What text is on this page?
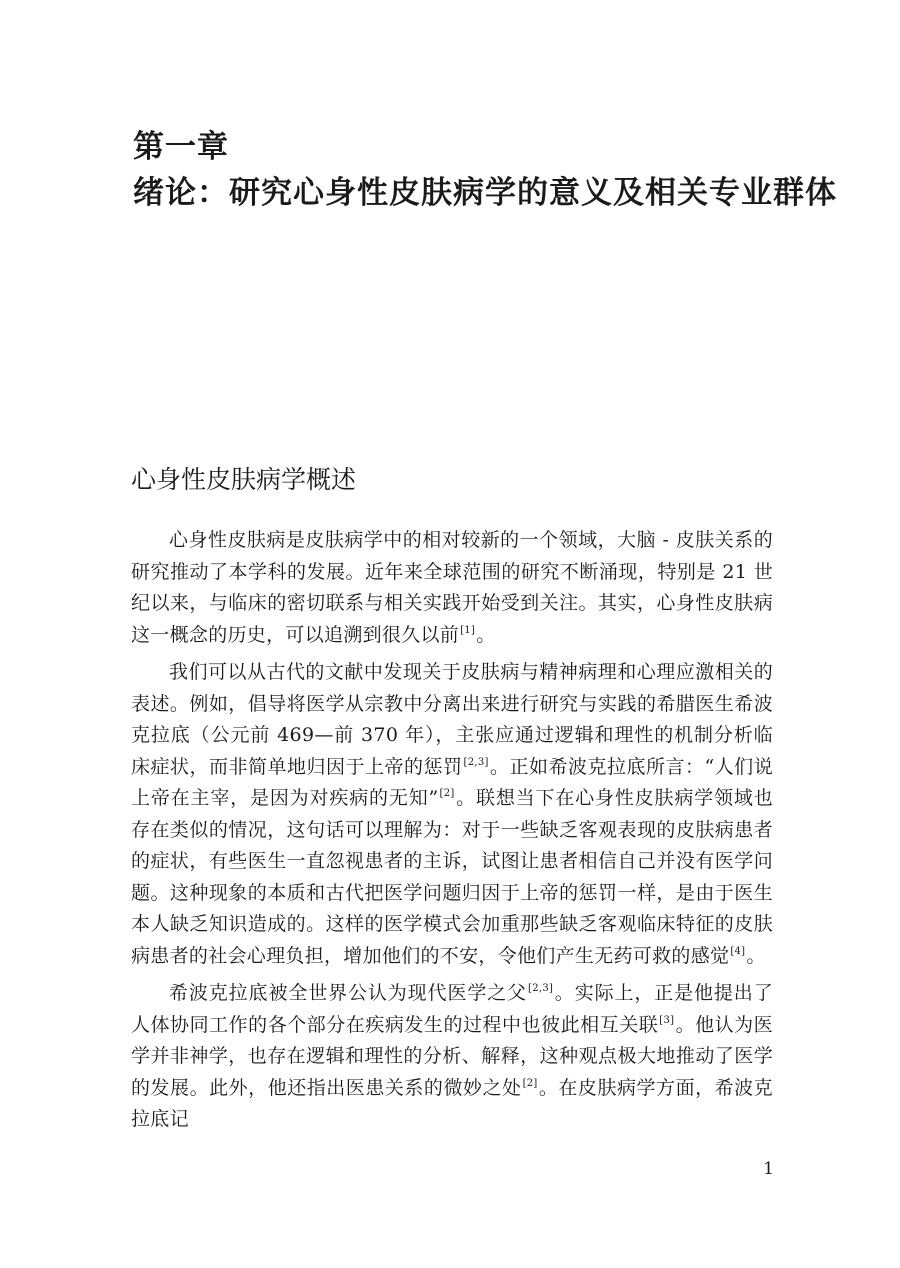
第一章
绪论：研究心身性皮肤病学的意义及相关专业群体
心身性皮肤病学概述

心身性皮肤病是皮肤病学中的相对较新的一个领域，大脑 - 皮肤关系的研究推动了本学科的发展。近年来全球范围的研究不断涌现，特别是 21 世纪以来，与临床的密切联系与相关实践开始受到关注。其实，心身性皮肤病这一概念的历史，可以追溯到很久以前[1]。

我们可以从古代的文献中发现关于皮肤病与精神病理和心理应激相关的表述。例如，倡导将医学从宗教中分离出来进行研究与实践的希腊医生希波克拉底（公元前 469—前 370 年），主张应通过逻辑和理性的机制分析临床症状，而非简单地归因于上帝的惩罚[2,3]。正如希波克拉底所言：“人们说上帝在主宰，是因为对疾病的无知”[2]。联想当下在心身性皮肤病学领域也存在类似的情况，这句话可以理解为：对于一些缺乏客观表现的皮肤病患者的症状，有些医生一直忽视患者的主诉，试图让患者相信自己并没有医学问题。这种现象的本质和古代把医学问题归因于上帝的惩罚一样，是由于医生本人缺乏知识造成的。这样的医学模式会加重那些缺乏客观临床特征的皮肤病患者的社会心理负担，增加他们的不安，令他们产生无药可救的感觉[4]。

希波克拉底被全世界公认为现代医学之父[2,3]。实际上，正是他提出了人体协同工作的各个部分在疾病发生的过程中也彼此相互关联[3]。他认为医学并非神学，也存在逻辑和理性的分析、解释，这种观点极大地推动了医学的发展。此外，他还指出医患关系的微妙之处[2]。在皮肤病学方面，希波克拉底记

1
